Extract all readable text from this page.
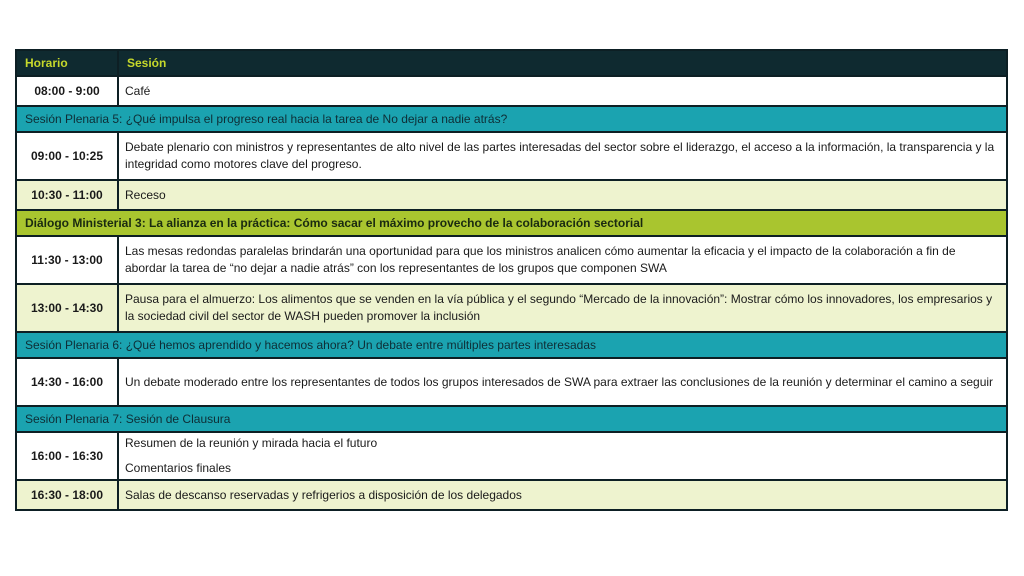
Horario	Sesión
08:00 - 9:00	Café
Sesión Plenaria 5: ¿Qué impulsa el progreso real hacia la tarea de No dejar a nadie atrás?	
09:00 - 10:25	Debate plenario con ministros y representantes de alto nivel de las partes interesadas del sector sobre el liderazgo, el acceso a la información, la transparencia y la integridad como motores clave del progreso.
10:30 - 11:00	Receso
Diálogo Ministerial 3: La alianza en la práctica: Cómo sacar el máximo provecho de la colaboración sectorial	
11:30 - 13:00	Las mesas redondas paralelas brindarán una oportunidad para que los ministros analicen cómo aumentar la eficacia y el impacto de la colaboración a fin de abordar la tarea de “no dejar a nadie atrás” con los representantes de los grupos que componen SWA
13:00 - 14:30	Pausa para el almuerzo: Los alimentos que se venden en la vía pública y el segundo “Mercado de la innovación”: Mostrar cómo los innovadores, los empresarios y la sociedad civil del sector de WASH pueden promover la inclusión
Sesión Plenaria 6: ¿Qué hemos aprendido y hacemos ahora? Un debate entre múltiples partes interesadas	
14:30 - 16:00	Un debate moderado entre los representantes de todos los grupos interesados de SWA para extraer las conclusiones de la reunión y determinar el camino a seguir
Sesión Plenaria 7: Sesión de Clausura	
16:00 - 16:30	Resumen de la reunión y mirada hacia el futuro
Comentarios finales

16:30 - 18:00	Salas de descanso reservadas y refrigerios a disposición de los delegados
